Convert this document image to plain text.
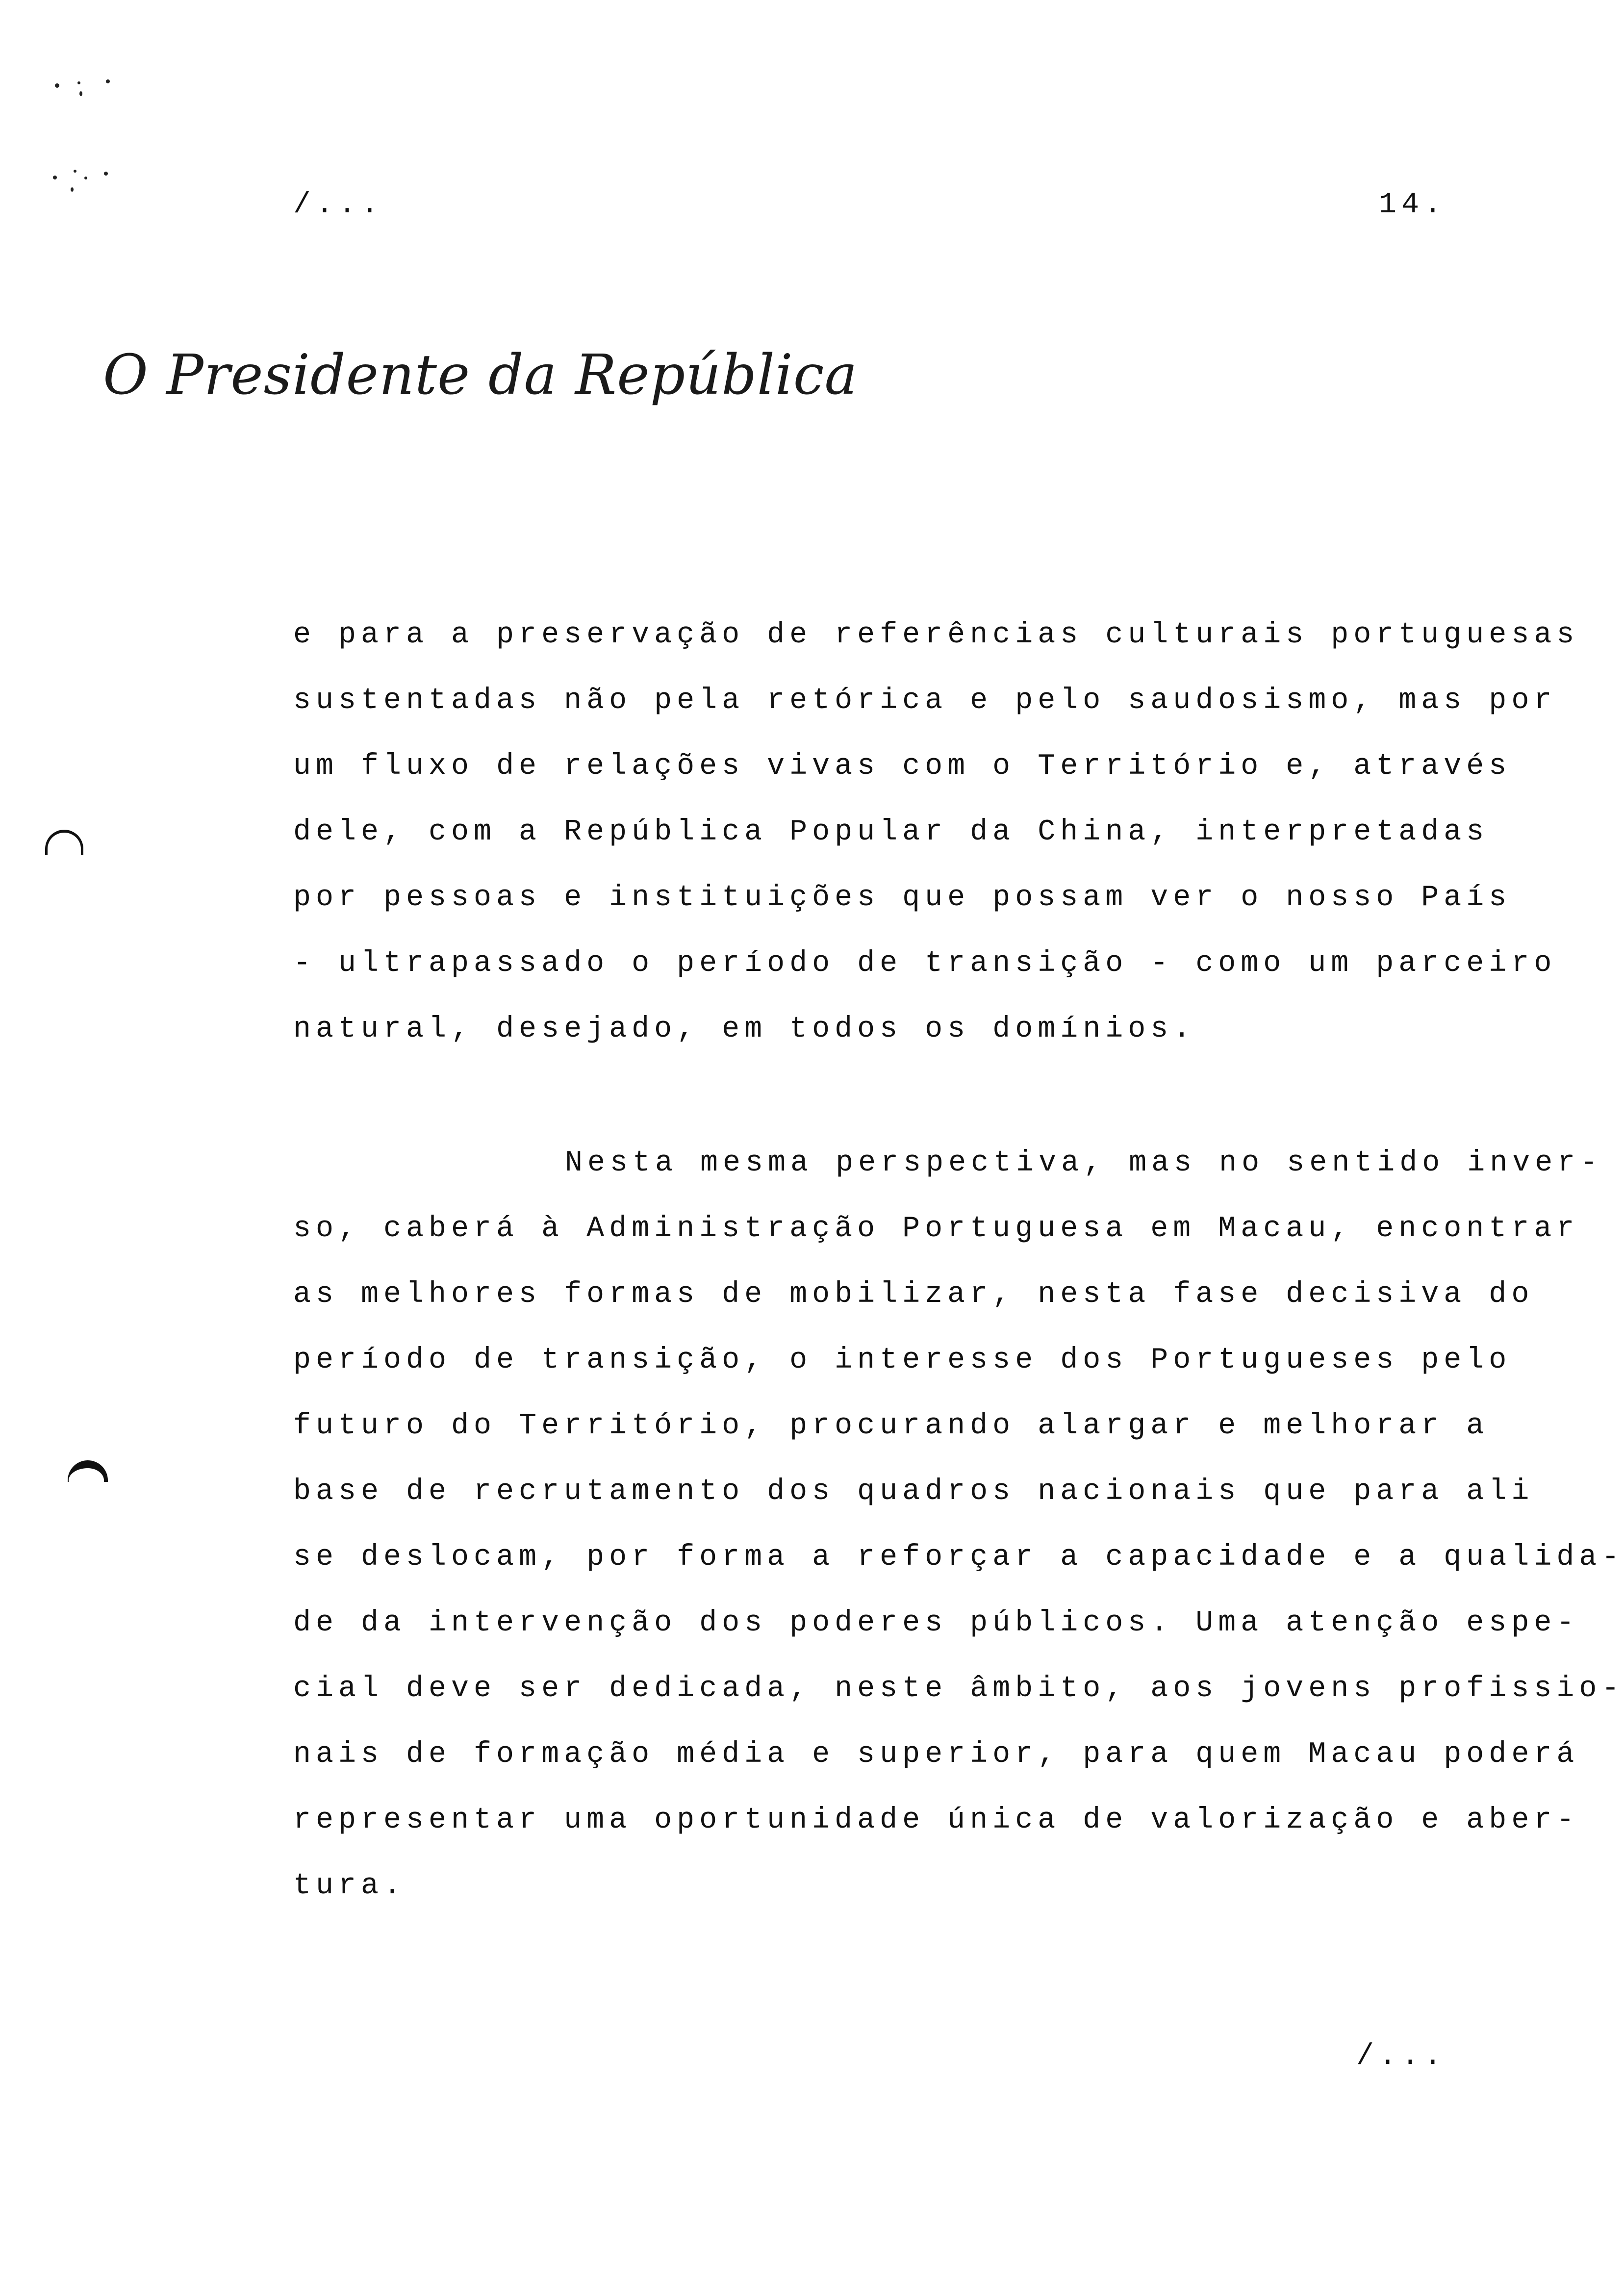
/...	14.
O Presidente da República
e para a preservação de referências culturais portuguesas
sustentadas não pela retórica e pelo saudosismo, mas por
um fluxo de relações vivas com o Território e, através
dele, com a República Popular da China, interpretadas
por pessoas e instituições que possam ver o nosso País
- ultrapassado o período de transição - como um parceiro
natural, desejado, em todos os domínios.
Nesta mesma perspectiva, mas no sentido inver-
so, caberá à Administração Portuguesa em Macau, encontrar
as melhores formas de mobilizar, nesta fase decisiva do
período de transição, o interesse dos Portugueses pelo
futuro do Território, procurando alargar e melhorar a
base de recrutamento dos quadros nacionais que para ali
se deslocam, por forma a reforçar a capacidade e a qualida-
de da intervenção dos poderes públicos. Uma atenção espe-
cial deve ser dedicada, neste âmbito, aos jovens profissio-
nais de formação média e superior, para quem Macau poderá
representar uma oportunidade única de valorização e aber-
tura.
/...
